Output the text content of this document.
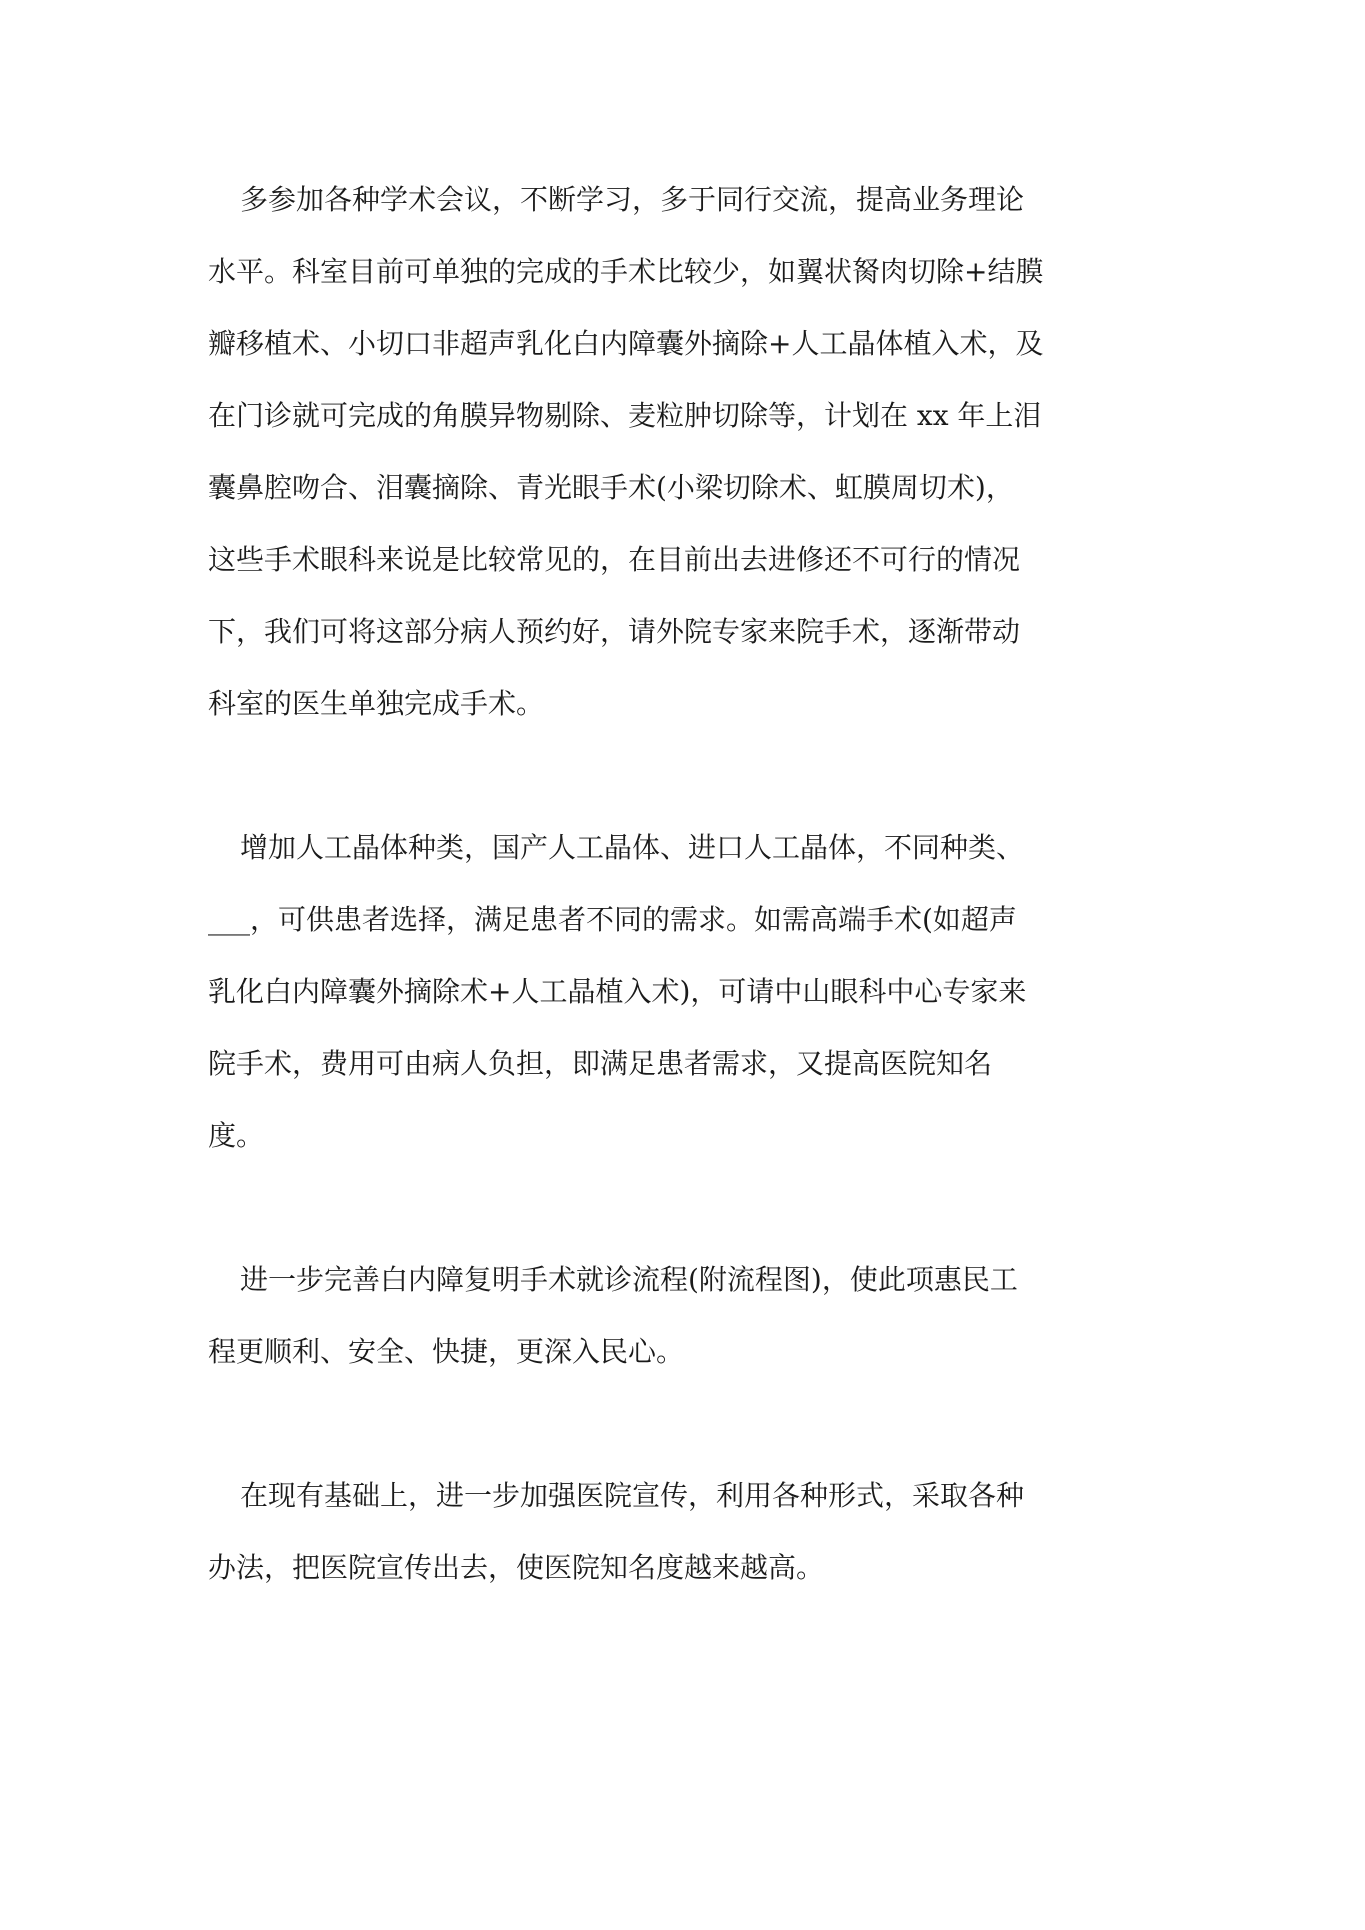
多参加各种学术会议，不断学习，多于同行交流，提高业务理论

水平。科室目前可单独的完成的手术比较少，如翼状胬肉切除+结膜

瓣移植术、小切口非超声乳化白内障囊外摘除+人工晶体植入术，及

在门诊就可完成的角膜异物剔除、麦粒肿切除等，计划在 xx 年上泪

囊鼻腔吻合、泪囊摘除、青光眼手术(小梁切除术、虹膜周切术)，

这些手术眼科来说是比较常见的，在目前出去进修还不可行的情况

下，我们可将这部分病人预约好，请外院专家来院手术，逐渐带动

科室的医生单独完成手术。

增加人工晶体种类，国产人工晶体、进口人工晶体，不同种类、

___，可供患者选择，满足患者不同的需求。如需高端手术(如超声

乳化白内障囊外摘除术+人工晶植入术)，可请中山眼科中心专家来

院手术，费用可由病人负担，即满足患者需求，又提高医院知名

度。

进一步完善白内障复明手术就诊流程(附流程图)，使此项惠民工

程更顺利、安全、快捷，更深入民心。

在现有基础上，进一步加强医院宣传，利用各种形式，采取各种

办法，把医院宣传出去，使医院知名度越来越高。
